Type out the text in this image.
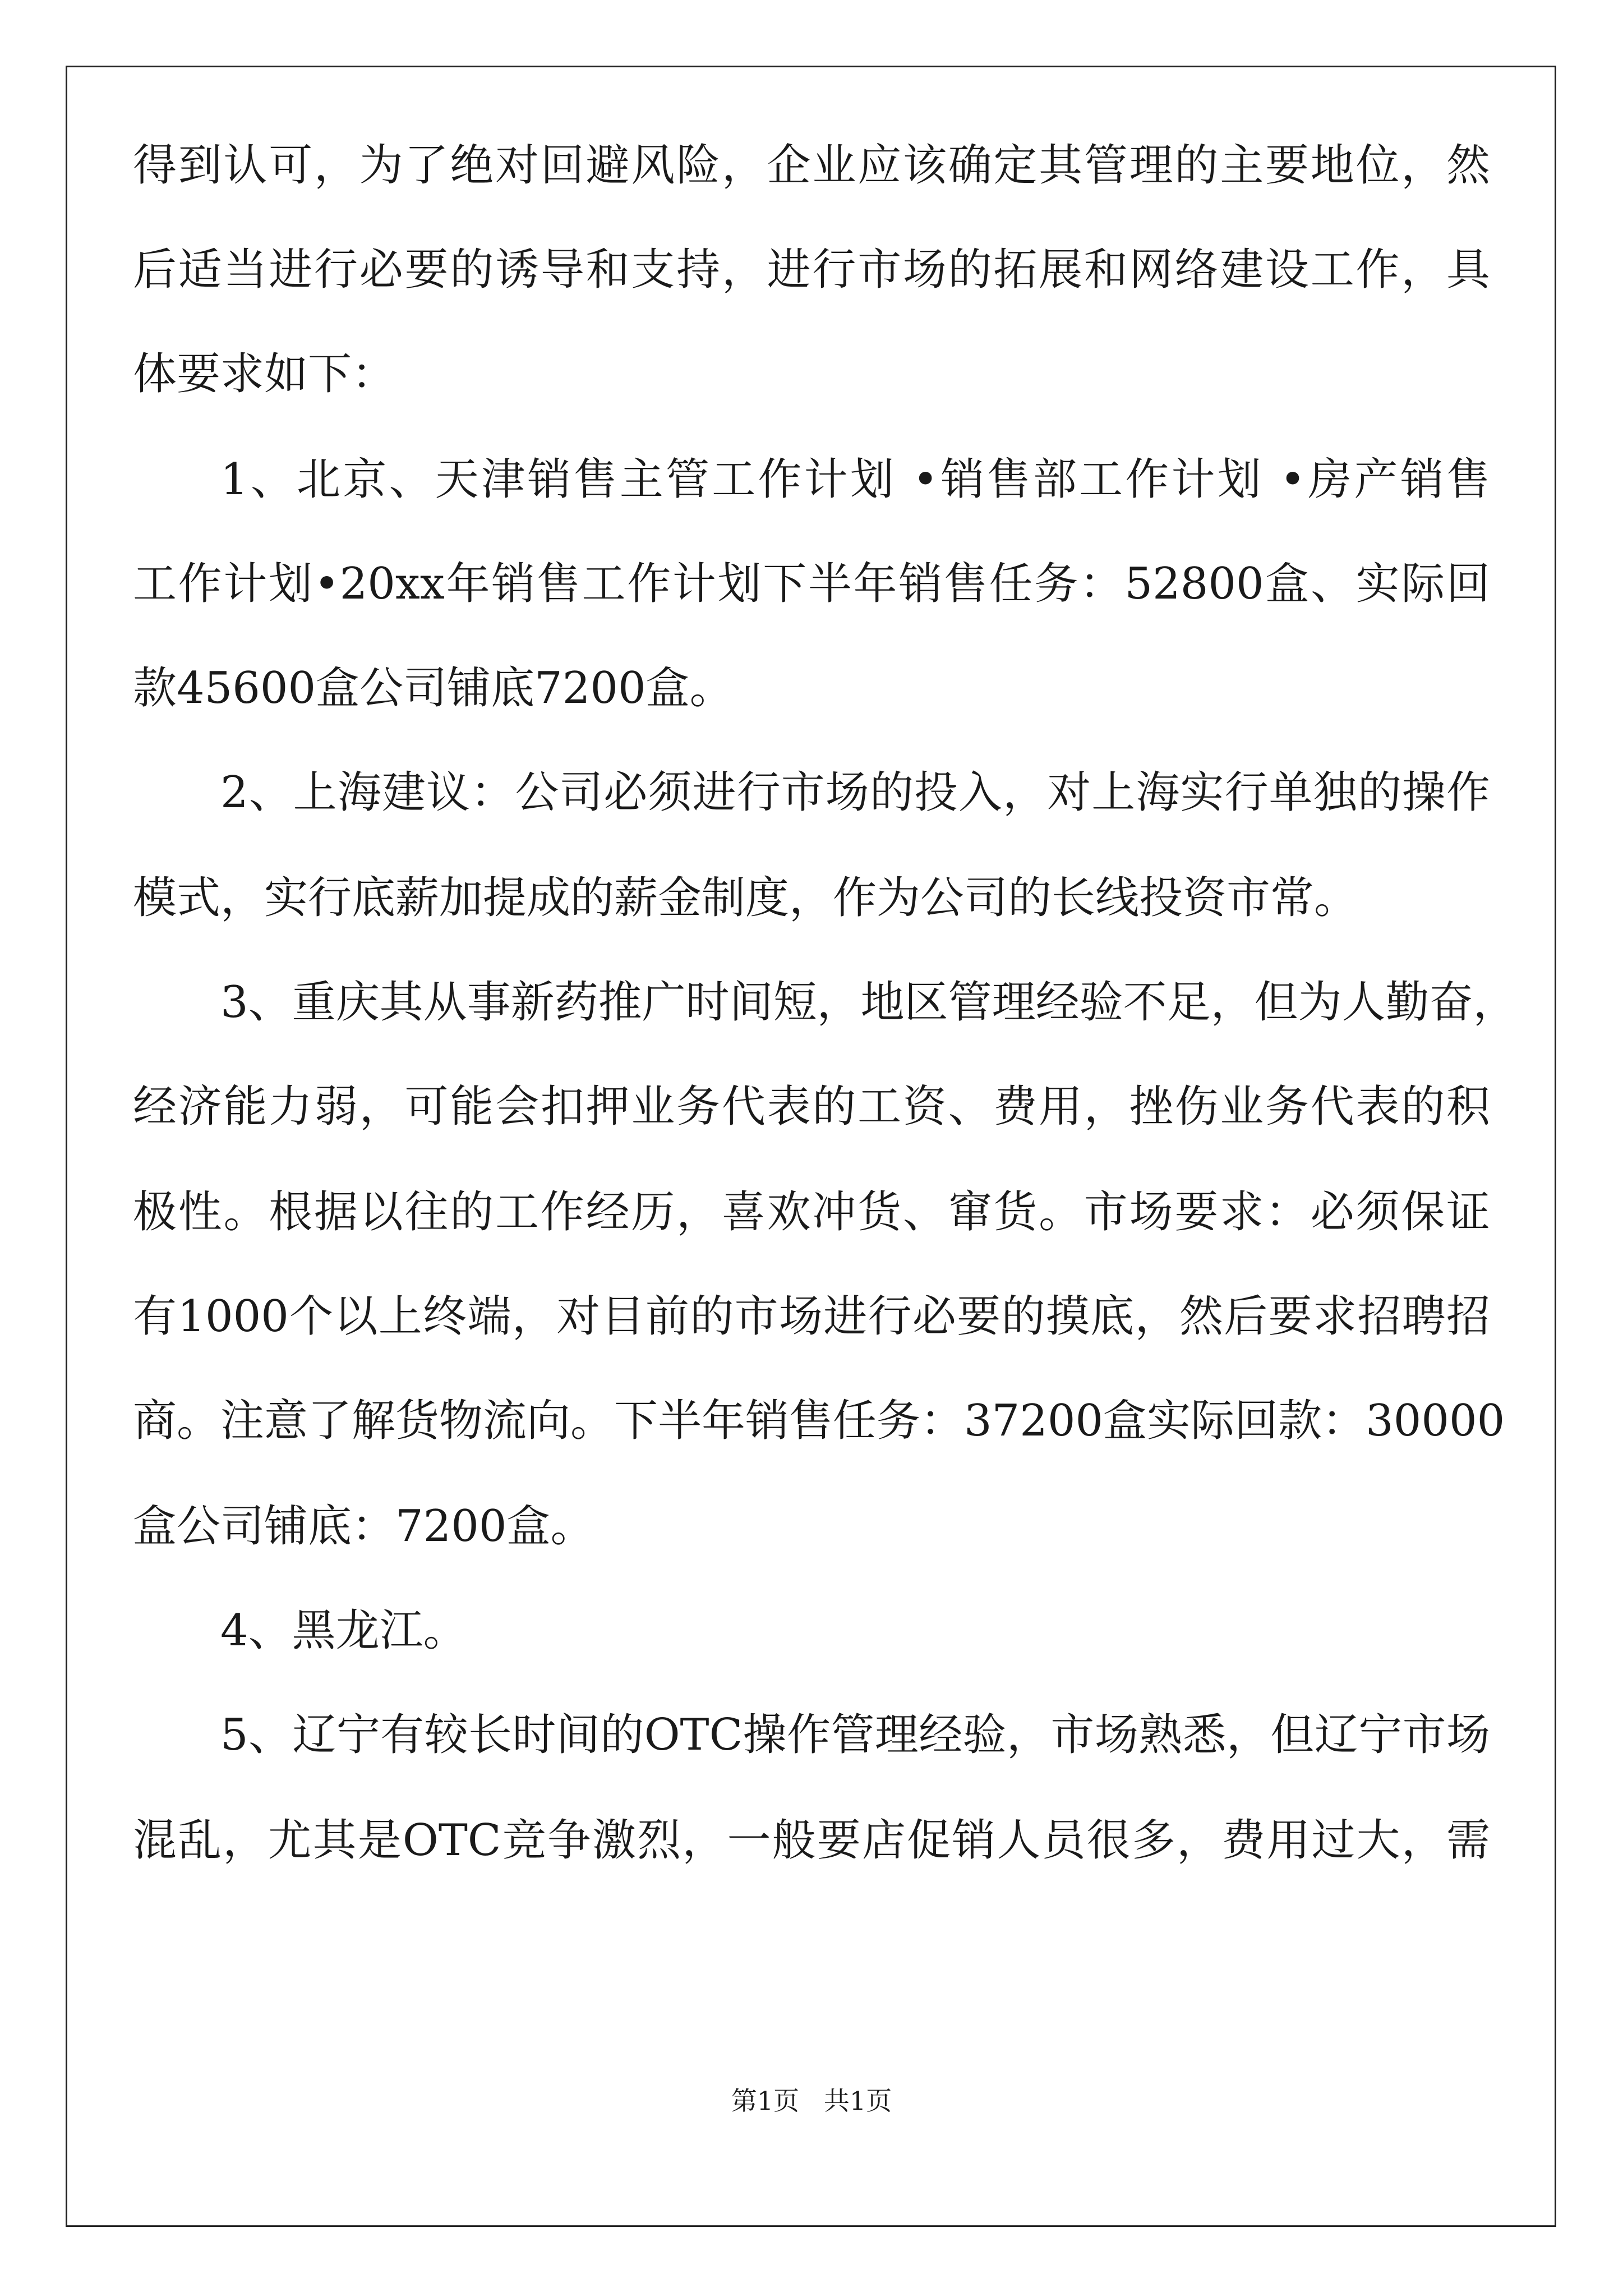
得到认可，为了绝对回避风险，企业应该确定其管理的主要地位，然
后适当进行必要的诱导和支持，进行市场的拓展和网络建设工作，具
体要求如下：
1、北京、天津销售主管工作计划 •销售部工作计划 •房产销售
工作计划•20xx年销售工作计划下半年销售任务：52800盒、实际回
款45600盒公司铺底7200盒。
2、上海建议：公司必须进行市场的投入，对上海实行单独的操作
模式，实行底薪加提成的薪金制度，作为公司的长线投资市常。
3、重庆其从事新药推广时间短，地区管理经验不足，但为人勤奋，
经济能力弱，可能会扣押业务代表的工资、费用，挫伤业务代表的积
极性。根据以往的工作经历，喜欢冲货、窜货。市场要求：必须保证
有1000个以上终端，对目前的市场进行必要的摸底，然后要求招聘招
商。注意了解货物流向。下半年销售任务：37200盒实际回款：30000
盒公司铺底：7200盒。
4、黑龙江。
5、辽宁有较长时间的OTC操作管理经验，市场熟悉，但辽宁市场
混乱，尤其是OTC竞争激烈，一般要店促销人员很多，费用过大，需
第1页   共1页
